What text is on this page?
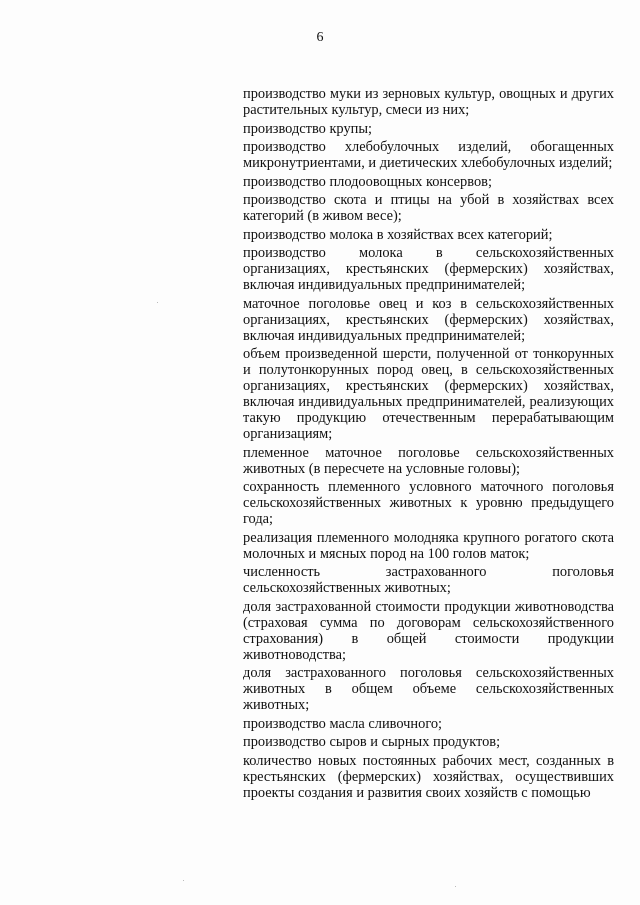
6

производство муки из зерновых культур, овощных и других растительных культур, смеси из них;

производство крупы;

производство хлебобулочных изделий, обогащенных микронутриентами, и диетических хлебобулочных изделий;

производство плодоовощных консервов;

производство скота и птицы на убой в хозяйствах всех категорий (в живом весе);

производство молока в хозяйствах всех категорий;

производство молока в сельскохозяйственных организациях, крестьянских (фермерских) хозяйствах, включая индивидуальных предпринимателей;

маточное поголовье овец и коз в сельскохозяйственных организациях, крестьянских (фермерских) хозяйствах, включая индивидуальных предпринимателей;

объем произведенной шерсти, полученной от тонкорунных и полутонкорунных пород овец, в сельскохозяйственных организациях, крестьянских (фермерских) хозяйствах, включая индивидуальных предпринимателей, реализующих такую продукцию отечественным перерабатывающим организациям;

племенное маточное поголовье сельскохозяйственных животных (в пересчете на условные головы);

сохранность племенного условного маточного поголовья сельскохозяйственных животных к уровню предыдущего года;

реализация племенного молодняка крупного рогатого скота молочных и мясных пород на 100 голов маток;

численность застрахованного поголовья сельскохозяйственных животных;

доля застрахованной стоимости продукции животноводства (страховая сумма по договорам сельскохозяйственного страхования) в общей стоимости продукции животноводства;

доля застрахованного поголовья сельскохозяйственных животных в общем объеме сельскохозяйственных животных;

производство масла сливочного;

производство сыров и сырных продуктов;

количество новых постоянных рабочих мест, созданных в крестьянских (фермерских) хозяйствах, осуществивших проекты создания и развития своих хозяйств с помощью
